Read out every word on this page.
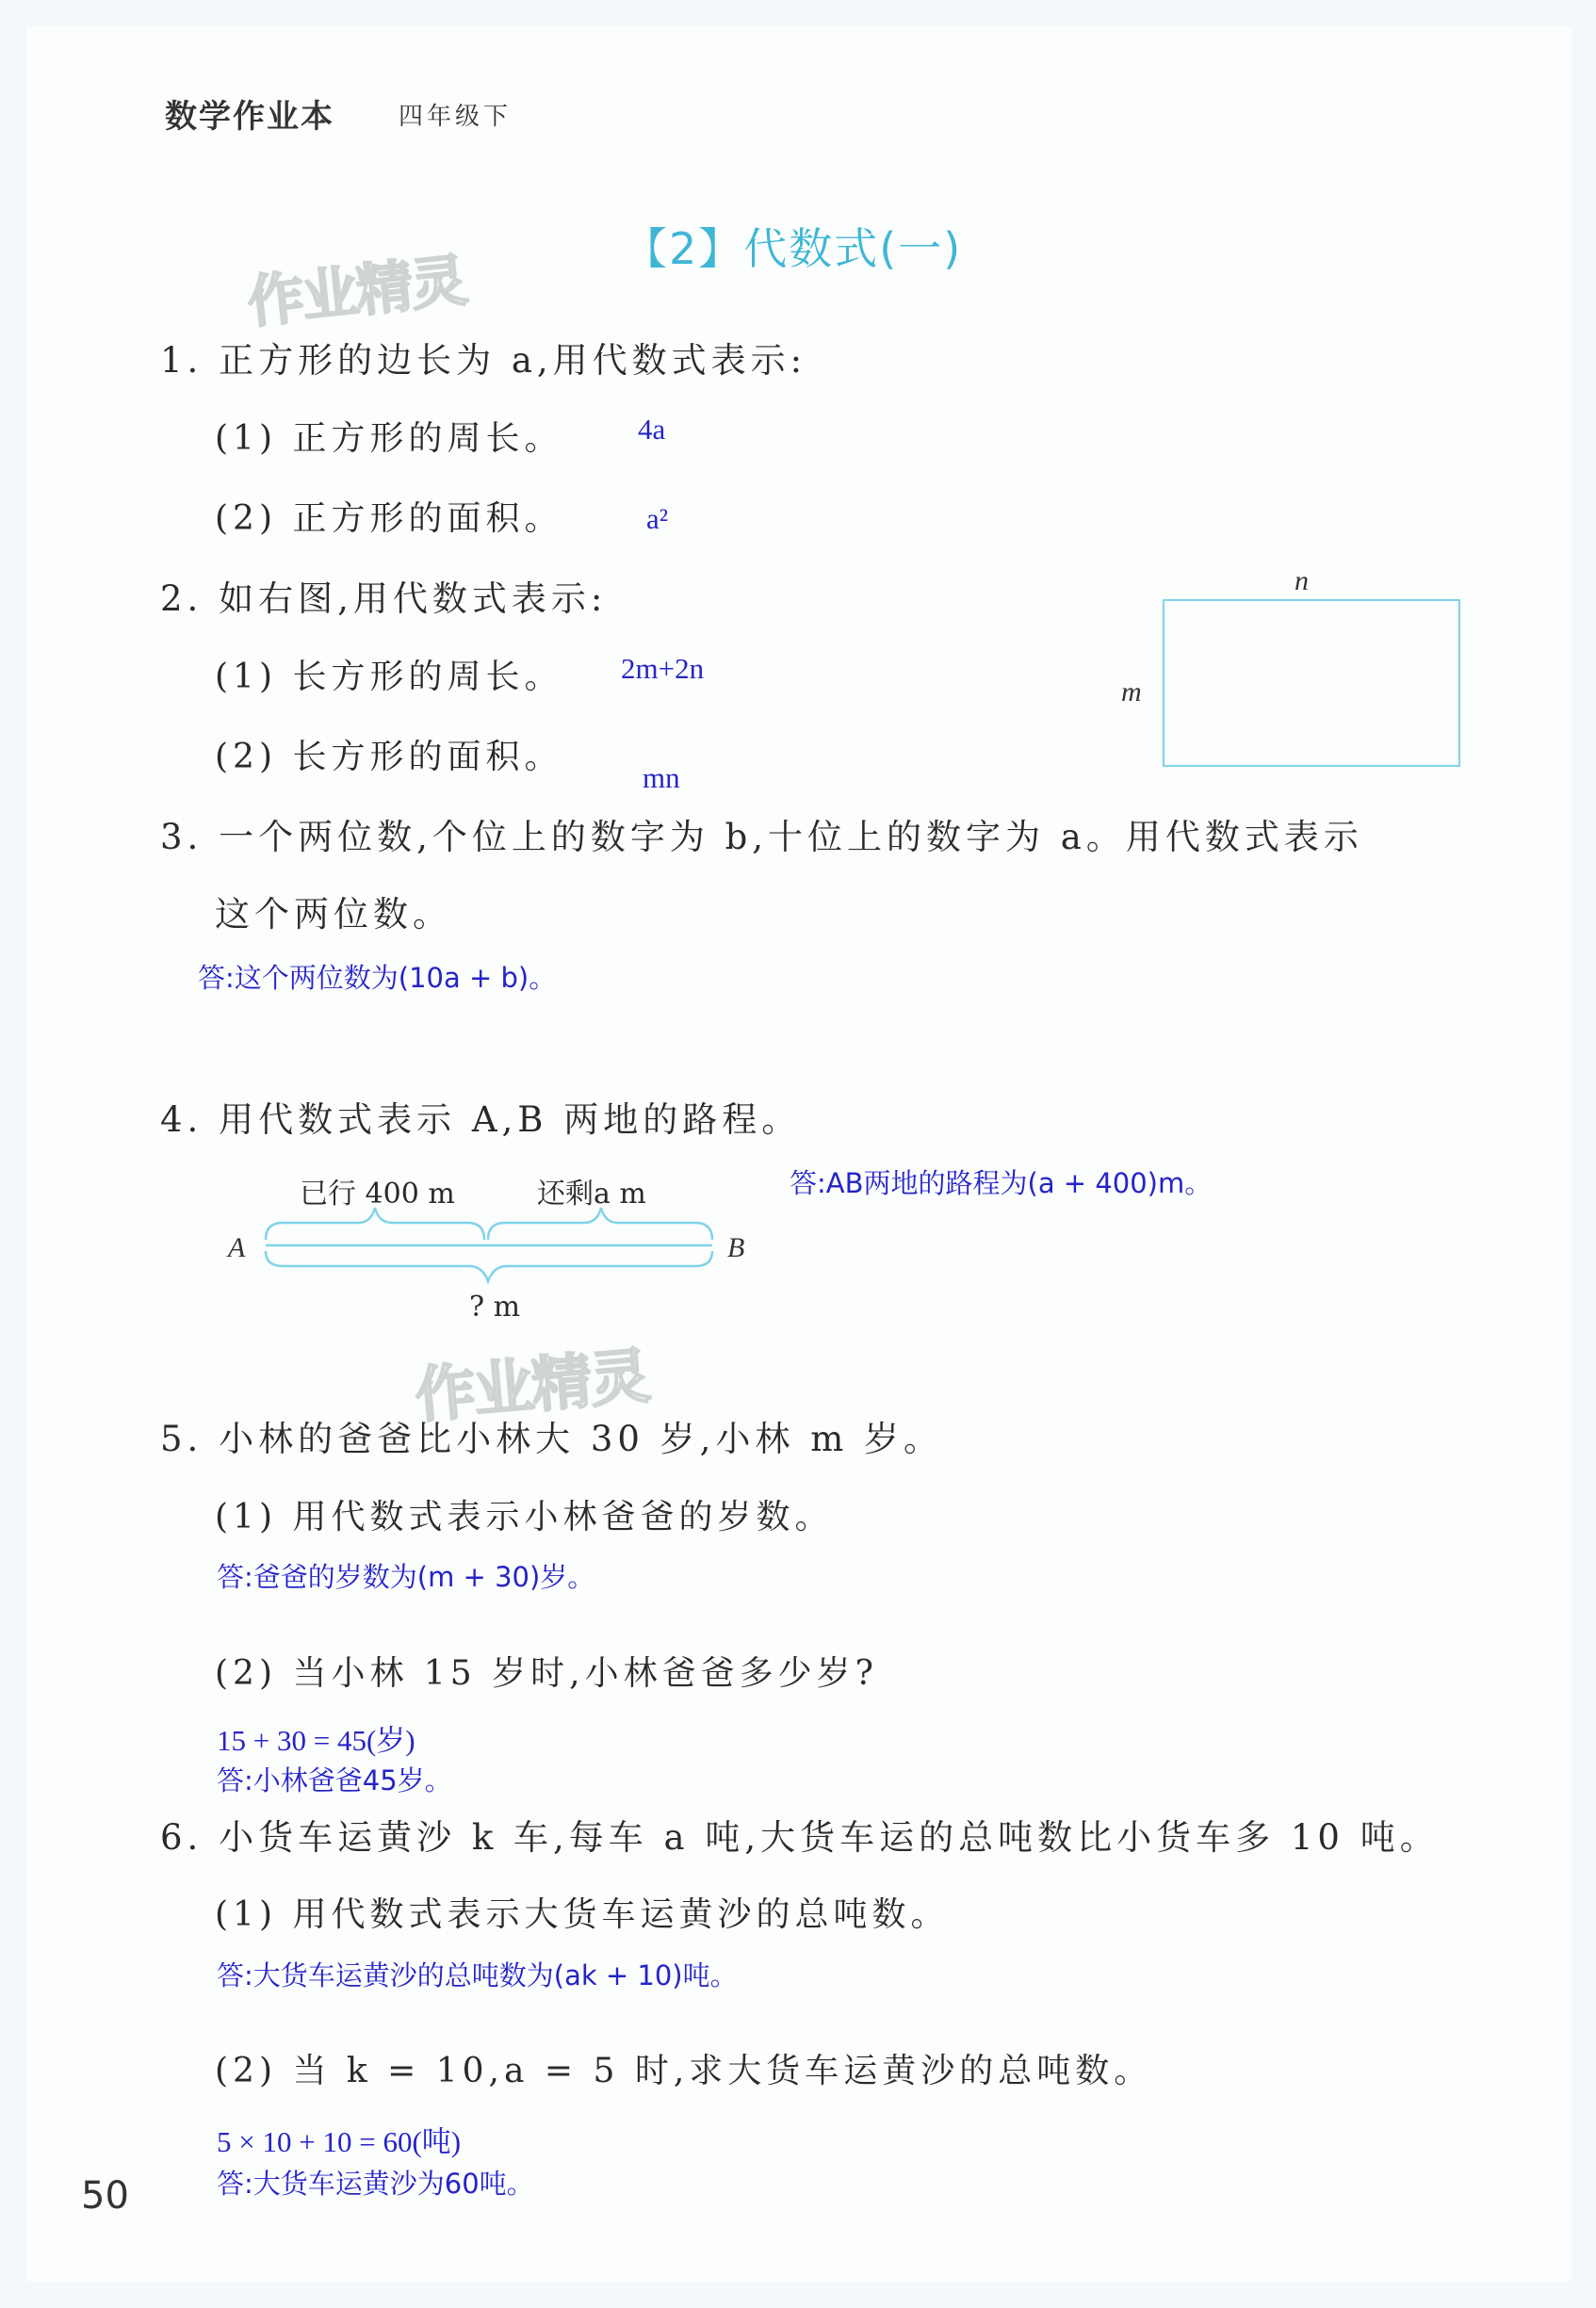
数学作业本	四年级下
【2】代数式(一)
作业精灵
作业精灵
1. 正方形的边长为 a,用代数式表示:
(1) 正方形的周长。	4a
(2) 正方形的面积。	a²
2. 如右图,用代数式表示:
(1) 长方形的周长。 2m+2n
(2) 长方形的面积。
mn
n
m
3. 一个两位数,个位上的数字为 b,十位上的数字为 a。用代数式表示
这个两位数。
答:这个两位数为(10a + b)。
4. 用代数式表示 A,B 两地的路程。
已行 400 m	还剩a m
A	B
? m
答:AB两地的路程为(a + 400)m。
5. 小林的爸爸比小林大 30 岁,小林 m 岁。
(1) 用代数式表示小林爸爸的岁数。
答:爸爸的岁数为(m + 30)岁。
(2) 当小林 15 岁时,小林爸爸多少岁?
15 + 30 = 45(岁)
答:小林爸爸45岁。
6. 小货车运黄沙 k 车,每车 a 吨,大货车运的总吨数比小货车多 10 吨。
(1) 用代数式表示大货车运黄沙的总吨数。
答:大货车运黄沙的总吨数为(ak + 10)吨。
(2) 当 k = 10,a = 5 时,求大货车运黄沙的总吨数。
5 × 10 + 10 = 60(吨)
答:大货车运黄沙为60吨。
50
